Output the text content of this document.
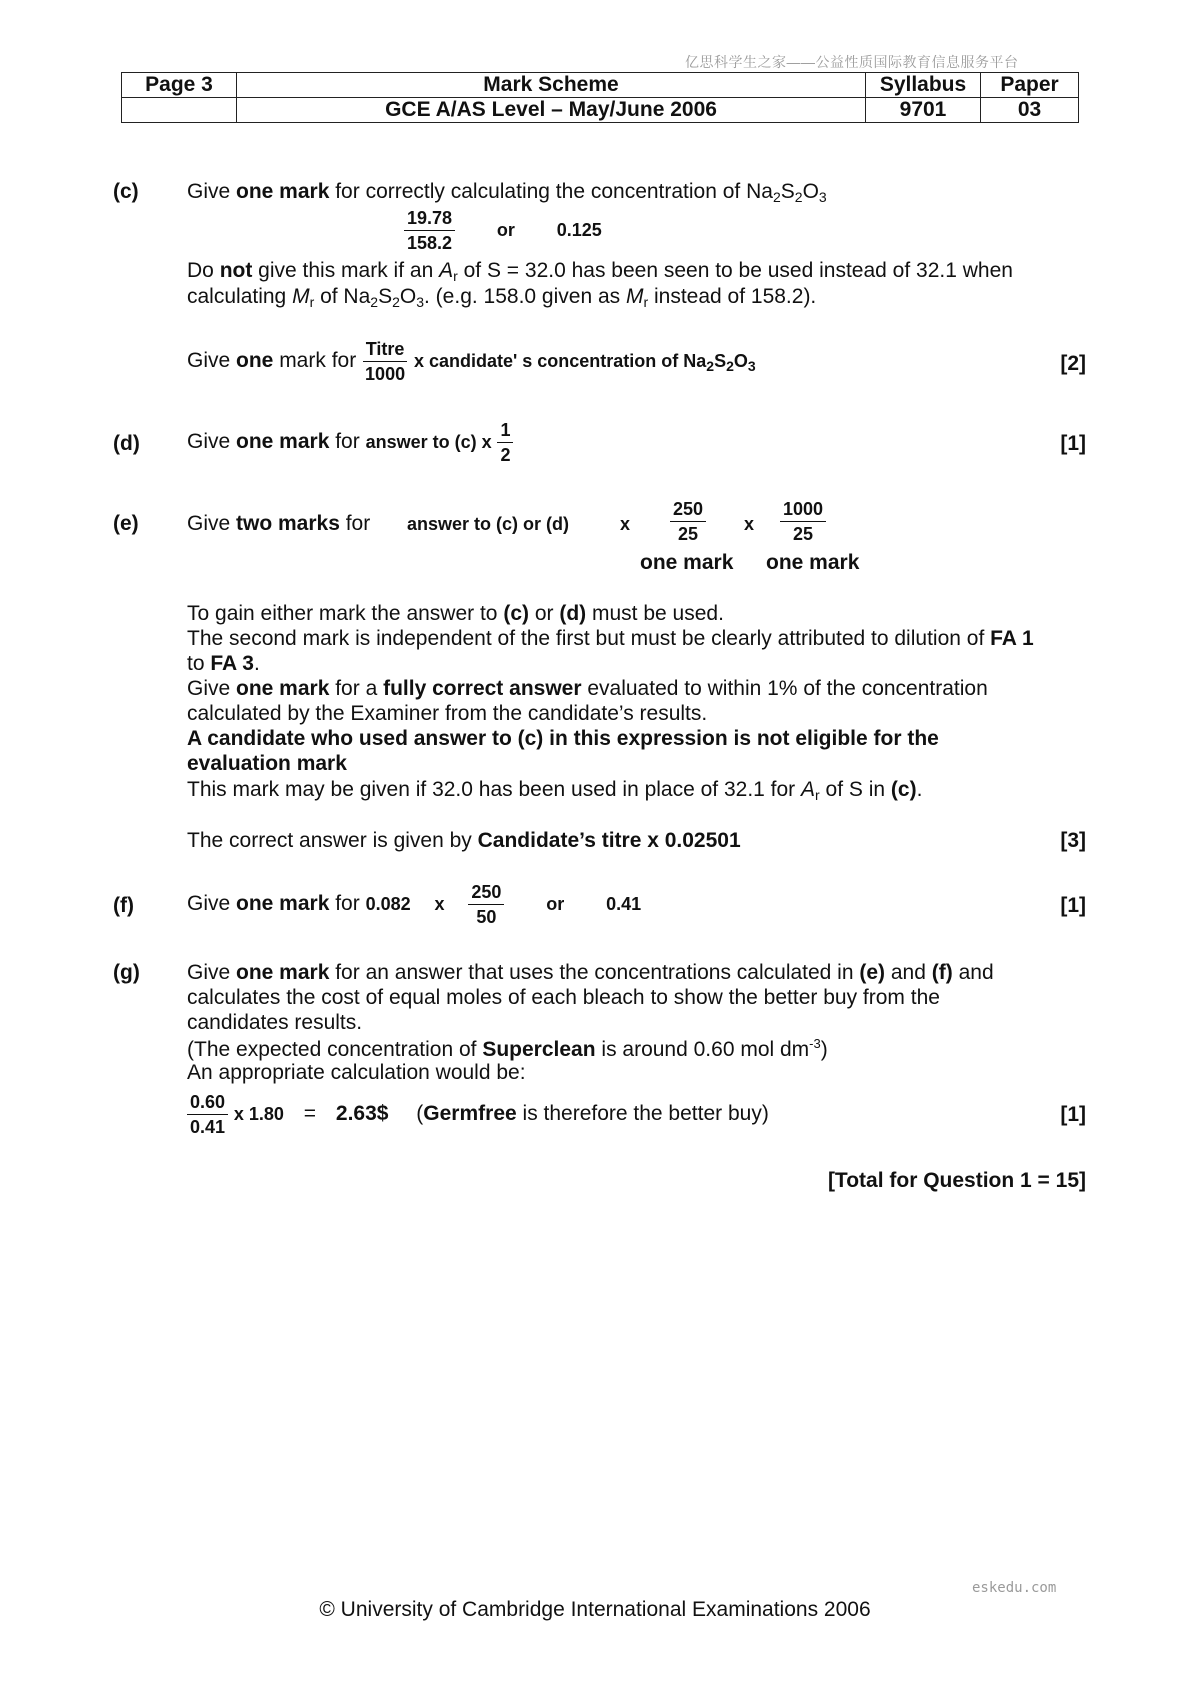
亿思科学生之家——公益性质国际教育信息服务平台
Page 3	Mark Scheme	Syllabus	Paper
	GCE A/AS Level – May/June 2006	9701	03
(c) Give one mark for correctly calculating the concentration of $Na_2S_2O_3$
$\frac{19.78}{158.2}$ or 0.125
Do not give this mark if an $A_r$ of S = 32.0 has been seen to be used instead of 32.1 when
calculating $M_r$ of $Na_2S_2O_3$. (e.g. 158.0 given as $M_r$ instead of 158.2).
Give one mark for $\frac{\text{Titre}}{1000}$ x candidate' s concentration of $Na_2S_2O_3$	[2]
(d) Give one mark for answer to (c) x $\frac{1}{2}$	[1]
(e) Give two marks for answer to (c) or (d)	x $\frac{250}{25}$ x $\frac{1000}{25}$
one mark one mark
To gain either mark the answer to (c) or (d) must be used.
The second mark is independent of the first but must be clearly attributed to dilution of FA 1
to FA 3.
Give one mark for a fully correct answer evaluated to within 1% of the concentration
calculated by the Examiner from the candidate’s results.
A candidate who used answer to (c) in this expression is not eligible for the
evaluation mark
This mark may be given if 32.0 has been used in place of 32.1 for $A_r$ of S in (c).
The correct answer is given by Candidate’s titre x 0.02501	[3]
(f)	Give one mark for 0.082 x $\frac{250}{50}$ or 0.41	[1]
(g) Give one mark for an answer that uses the concentrations calculated in (e) and (f) and
calculates the cost of equal moles of each bleach to show the better buy from the
candidates results.
(The expected concentration of Superclean is around 0.60 mol $dm^{-3}$)
An appropriate calculation would be:
$\frac{0.60}{0.41}$ x 1.80 = 2.63$ (Germfree is therefore the better buy)	[1]
[Total for Question 1 = 15]
eskedu.com
© University of Cambridge International Examinations 2006
